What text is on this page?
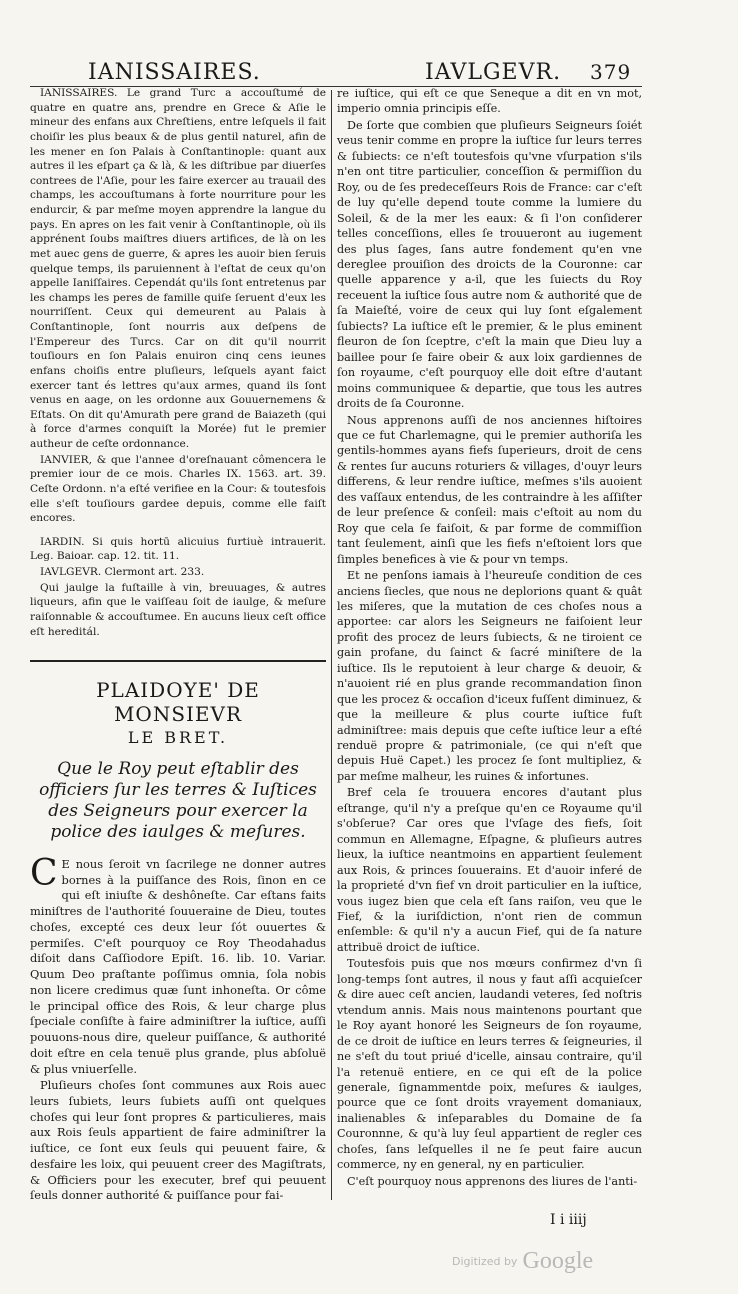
IANISSAIRES.	IAVLGEVR. 379

IANISSAIRES. Le grand Turc a accouſtumé de quatre en quatre ans, prendre en Grece & Aſie le mineur des enfans aux Chreſtiens, entre leſquels il fait choiſir les plus beaux & de plus gentil naturel, afin de les mener en ſon Palais à Conſtantinople: quant aux autres il les eſpart ça & là, & les diſtribue par diuerſes contrees de l'Aſie, pour les faire exercer au trauail des champs, les accouſtumans à forte nourriture pour les endurcir, & par meſme moyen apprendre la langue du pays. En apres on les fait venir à Conſtantinople, où ils apprénent ſoubs maiſtres diuers artifices, de là on les met auec gens de guerre, & apres les auoir bien ſeruis quelque temps, ils paruiennent à l'eſtat de ceux qu'on appelle Ianiſſaires. Cependát qu'ils ſont entretenus par les champs les peres de famille quiſe ſeruent d'eux les nourriſſent. Ceux qui demeurent au Palais à Conſtantinople, ſont nourris aux deſpens de l'Empereur des Turcs. Car on dit qu'il nourrit touſiours en ſon Palais enuiron cinq cens ieunes enfans choiſis entre pluſieurs, leſquels ayant faict exercer tant és lettres qu'aux armes, quand ils ſont venus en aage, on les ordonne aux Gouuernemens & Eſtats. On dit qu'Amurath pere grand de Baiazeth (qui à force d'armes conquiſt la Morée) fut le premier autheur de ceſte ordonnance.

IANVIER, & que l'annee d'oreſnauant cômencera le premier iour de ce mois. Charles IX. 1563. art. 39. Ceſte Ordonn. n'a eſté verifiee en la Cour: & toutesfois elle s'eſt touſiours gardee depuis, comme elle faiſt encores.

IARDIN. Si quis hortū alicuius furtiuè intrauerit. Leg. Baioar. cap. 12. tit. 11.

IAVLGEVR. Clermont art. 233.

Qui jaulge la fuſtaille à vin, breuuages, & autres liqueurs, afin que le vaiſſeau ſoit de iaulge, & meſure raiſonnable & accouſtumee. En aucuns lieux ceſt office eſt hereditál.

PLAIDOYE' DE MONSIEVR

LE BRET.

Que le Roy peut eſtablir des officiers ſur les terres & Iuſtices des Seigneurs pour exercer la police des iaulges & meſures.

C E nous ſeroit vn ſacrilege ne donner autres bornes à la puiſſance des Rois, ſinon en ce qui eſt iniuſte & deshôneſte. Car eſtans faits miniſtres de l'authorité ſouueraine de Dieu, toutes choſes, excepté ces deux leur ſót ouuertes & permiſes. C'eſt pourquoy ce Roy Theodahadus diſoit dans Caſſiodore Epiſt. 16. lib. 10. Variar. Quum Deo praſtante poſſimus omnia, ſola nobis non licere credimus quæ ſunt inhoneſta. Or côme le principal office des Rois, & leur charge plus ſpeciale conſiſte à faire adminiſtrer la iuſtice, auſſi pouuons-nous dire, queleur puiſſance, & authorité doit eſtre en cela tenuë plus grande, plus abſoluë & plus vniuerſelle.

Pluſieurs choſes ſont communes aux Rois auec leurs ſubiets, leurs ſubiets auſſi ont quelques choſes qui leur ſont propres & particulieres, mais aux Rois ſeuls appartient de faire adminiſtrer la iuſtice, ce ſont eux ſeuls qui peuuent faire, & desfaire les loix, qui peuuent creer des Magiſtrats, & Officiers pour les executer, bref qui peuuent ſeuls donner authorité & puiſſance pour fai-

re iuſtice, qui eſt ce que Seneque a dit en vn mot, imperio omnia principis eſſe.

De ſorte que combien que pluſieurs Seigneurs ſoiét veus tenir comme en propre la iuſtice ſur leurs terres & ſubiects: ce n'eſt toutesfois qu'vne vſurpation s'ils n'en ont titre particulier, conceſſion & permiſſion du Roy, ou de ſes predeceſſeurs Rois de France: car c'eſt de luy qu'elle depend toute comme la lumiere du Soleil, & de la mer les eaux: & ſi l'on conſiderer telles conceſſions, elles ſe trouueront au iugement des plus ſages, ſans autre fondement qu'en vne dereglee prouiſion des droicts de la Couronne: car quelle apparence y a-il, que les ſuiects du Roy receuent la iuſtice ſous autre nom & authorité que de ſa Maieſté, voire de ceux qui luy ſont eſgalement ſubiects? La iuſtice eſt le premier, & le plus eminent fleuron de ſon ſceptre, c'eſt la main que Dieu luy a baillee pour ſe faire obeir & aux loix gardiennes de ſon royaume, c'eſt pourquoy elle doit eſtre d'autant moins communiquee & departie, que tous les autres droits de ſa Couronne.

Nous apprenons auſſi de nos anciennes hiſtoires que ce fut Charlemagne, qui le premier authoriſa les gentils-hommes ayans fiefs ſuperieurs, droit de cens & rentes ſur aucuns roturiers & villages, d'ouyr leurs differens, & leur rendre iuſtice, meſmes s'ils auoient des vaſſaux entendus, de les contraindre à les aſſiſter de leur preſence & conſeil: mais c'eſtoit au nom du Roy que cela ſe faiſoit, & par forme de commiſſion tant ſeulement, ainſi que les fiefs n'eſtoient lors que ſimples benefices à vie & pour vn temps.

Et ne penſons iamais à l'heureuſe condition de ces anciens ſiecles, que nous ne deplorions quant & quât les miſeres, que la mutation de ces choſes nous a apportee: car alors les Seigneurs ne faiſoient leur profit des procez de leurs ſubiects, & ne tiroient ce gain profane, du ſainct & ſacré miniſtere de la iuſtice. Ils le reputoient à leur charge & deuoir, & n'auoient rié en plus grande recommandation ſinon que les procez & occaſion d'iceux fuſſent diminuez, & que la meilleure & plus courte iuſtice fuſt adminiſtree: mais depuis que ceſte iuſtice leur a eſté renduë propre & patrimoniale, (ce qui n'eſt que depuis Huë Capet.) les procez ſe ſont multipliez, & par meſme malheur, les ruines & infortunes.

Bref cela ſe trouuera encores d'autant plus eſtrange, qu'il n'y a preſque qu'en ce Royaume qu'il s'obſerue? Car ores que l'vſage des fiefs, ſoit commun en Allemagne, Eſpagne, & pluſieurs autres lieux, la iuſtice neantmoins en appartient ſeulement aux Rois, & princes ſouuerains. Et d'auoir inferé de la proprieté d'vn fief vn droit particulier en la iuſtice, vous iugez bien que cela eſt ſans raiſon, veu que le Fief, & la iuriſdiction, n'ont rien de commun enſemble: & qu'il n'y a aucun Fief, qui de ſa nature attribuë droict de iuſtice.

Toutesfois puis que nos mœurs confirmez d'vn ſi long-temps ſont autres, il nous y faut aſſi acquieſcer & dire auec ceſt ancien, laudandi veteres, ſed noſtris vtendum annis. Mais nous maintenons pourtant que le Roy ayant honoré les Seigneurs de ſon royaume, de ce droit de iuſtice en leurs terres & ſeigneuries, il ne s'eſt du tout priué d'icelle, ainsau contraire, qu'il l'a retenuë entiere, en ce qui eſt de la police generale, ſignammentde poix, meſures & iaulges, pource que ce ſont droits vrayement domaniaux, inalienables & inſeparables du Domaine de ſa Couronnne, & qu'à luy ſeul appartient de regler ces choſes, ſans leſquelles il ne ſe peut faire aucun commerce, ny en general, ny en particulier.

C'eſt pourquoy nous apprenons des liures de l'anti-

I i iiij
Digitized by Google
